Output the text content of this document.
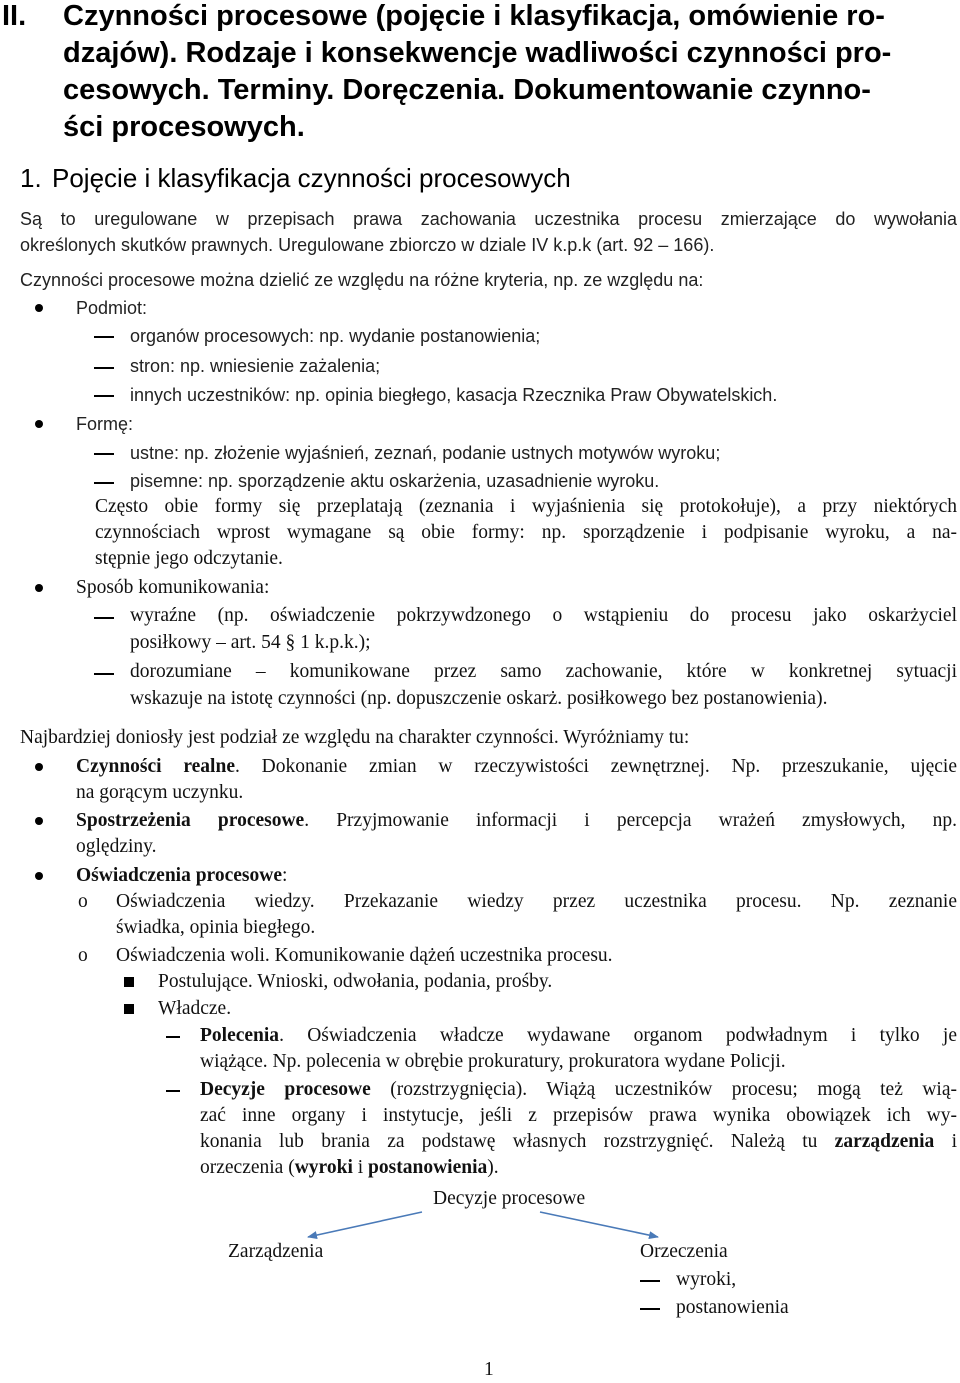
II. Czynności procesowe (pojęcie i klasyfikacja, omówienie ro-
dzajów). Rodzaje i konsekwencje wadliwości czynności pro-
cesowych. Terminy. Doręczenia. Dokumentowanie czynno-
ści procesowych.
1. Pojęcie i klasyfikacja czynności procesowych
Są to uregulowane w przepisach prawa zachowania uczestnika procesu zmierzające do wywołania
określonych skutków prawnych. Uregulowane zbiorczo w dziale IV k.p.k (art. 92 – 166).
Czynności procesowe można dzielić ze względu na różne kryteria, np. ze względu na:
Podmiot:
organów procesowych: np. wydanie postanowienia;
stron: np. wniesienie zażalenia;
innych uczestników: np. opinia biegłego, kasacja Rzecznika Praw Obywatelskich.
Formę:
ustne: np. złożenie wyjaśnień, zeznań, podanie ustnych motywów wyroku;
pisemne: np. sporządzenie aktu oskarżenia, uzasadnienie wyroku.
Często obie formy się przeplatają (zeznania i wyjaśnienia się protokołuje), a przy niektórych
czynnościach wprost wymagane są obie formy: np. sporządzenie i podpisanie wyroku, a na-
stępnie jego odczytanie.
Sposób komunikowania:
wyraźne (np. oświadczenie pokrzywdzonego o wstąpieniu do procesu jako oskarżyciel
posiłkowy – art. 54 § 1 k.p.k.);
dorozumiane – komunikowane przez samo zachowanie, które w konkretnej sytuacji
wskazuje na istotę czynności (np. dopuszczenie oskarż. posiłkowego bez postanowienia).
Najbardziej doniosły jest podział ze względu na charakter czynności. Wyróżniamy tu:
Czynności realne. Dokonanie zmian w rzeczywistości zewnętrznej. Np. przeszukanie, ujęcie
na gorącym uczynku.
Spostrzeżenia procesowe. Przyjmowanie informacji i percepcja wrażeń zmysłowych, np.
oględziny.
Oświadczenia procesowe:
o Oświadczenia wiedzy. Przekazanie wiedzy przez uczestnika procesu. Np. zeznanie
świadka, opinia biegłego.
o Oświadczenia woli. Komunikowanie dążeń uczestnika procesu.
Postulujące. Wnioski, odwołania, podania, prośby.
Władcze.
Polecenia. Oświadczenia władcze wydawane organom podwładnym i tylko je
wiążące. Np. polecenia w obrębie prokuratury, prokuratora wydane Policji.
Decyzje procesowe (rozstrzygnięcia). Wiążą uczestników procesu; mogą też wią-
zać inne organy i instytucje, jeśli z przepisów prawa wynika obowiązek ich wy-
konania lub brania za podstawę własnych rozstrzygnięć. Należą tu zarządzenia i
orzeczenia (wyroki i postanowienia).
Decyzje procesowe
Zarządzenia	Orzeczenia
wyroki,
postanowienia
1
